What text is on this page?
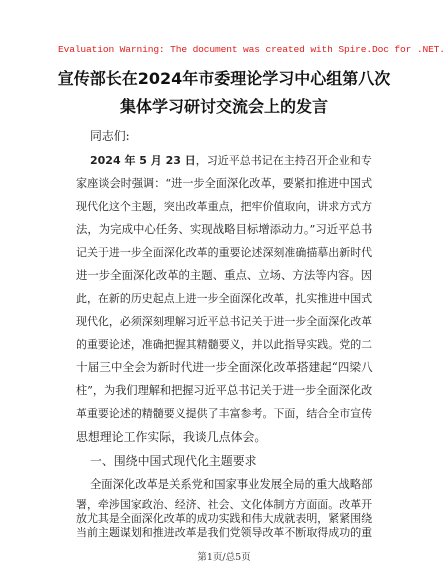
Evaluation Warning: The document was created with Spire.Doc for .NET.
宣传部长在2024年市委理论学习中心组第八次
集体学习研讨交流会上的发言
同志们:
2024 年 5 月 23 日，习近平总书记在主持召开企业和专
家座谈会时强调：“进一步全面深化改革，要紧扣推进中国式
现代化这个主题，突出改革重点，把牢价值取向，讲求方式方
法，为完成中心任务、实现战略目标增添动力。”习近平总书
记关于进一步全面深化改革的重要论述深刻准确描摹出新时代
进一步全面深化改革的主题、重点、立场、方法等内容。因
此，在新的历史起点上进一步全面深化改革，扎实推进中国式
现代化，必须深刻理解习近平总书记关于进一步全面深化改革
的重要论述，准确把握其精髓要义，并以此指导实践。党的二
十届三中全会为新时代进一步全面深化改革搭建起“四梁八
柱”，为我们理解和把握习近平总书记关于进一步全面深化改
革重要论述的精髓要义提供了丰富参考。下面，结合全市宣传
思想理论工作实际，我谈几点体会。
一、围绕中国式现代化主题要求
全面深化改革是关系党和国家事业发展全局的重大战略部
署，牵涉国家政治、经济、社会、文化体制方方面面。改革开
放尤其是全面深化改革的成功实践和伟大成就表明，紧紧围绕
当前主题谋划和推进改革是我们党领导改革不断取得成功的重
第1页/总5页
